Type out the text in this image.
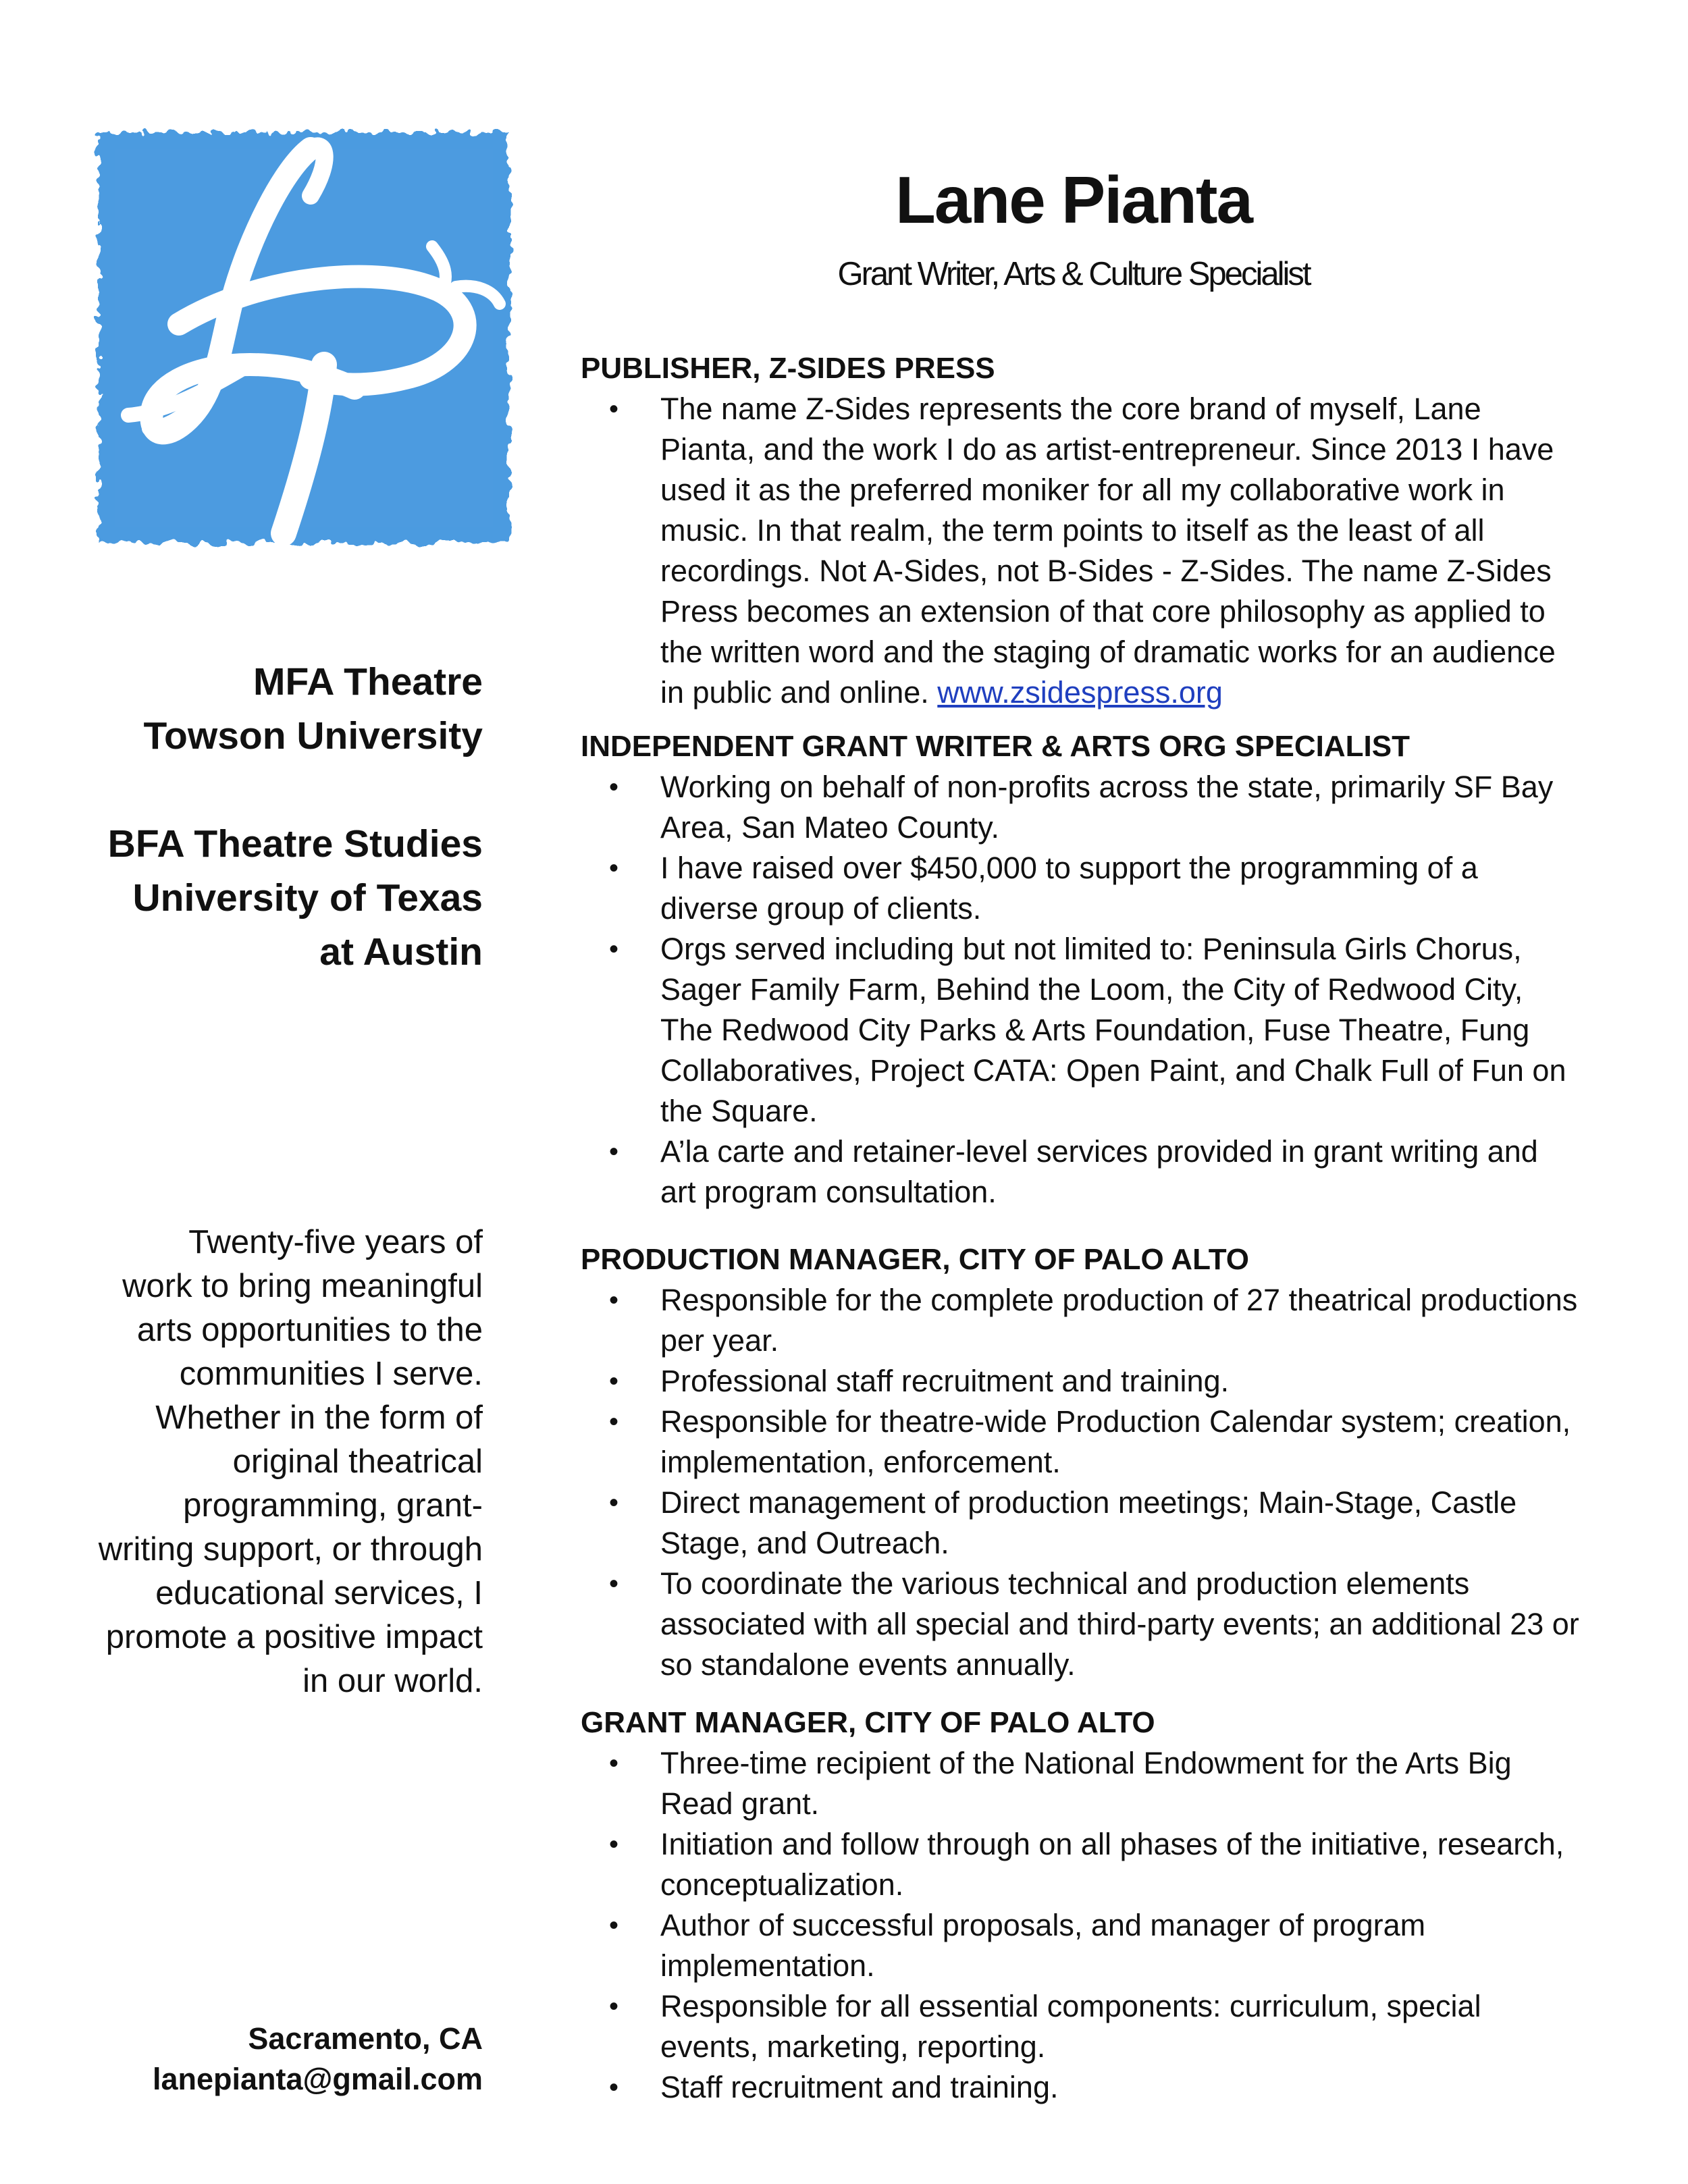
Lane Pianta
Grant Writer, Arts & Culture Specialist
MFA Theatre
Towson University
BFA Theatre Studies
University of Texas
at Austin
Twenty-five years of
work to bring meaningful
arts opportunities to the
communities I serve.
Whether in the form of
original theatrical
programming, grant-
writing support, or through
educational services, I
promote a positive impact
in our world.
Sacramento, CA
lanepianta@gmail.com
PUBLISHER, Z-SIDES PRESS
• The name Z-Sides represents the core brand of myself, Lane Pianta, and the work I do as artist-entrepreneur. Since 2013 I have used it as the preferred moniker for all my collaborative work in music. In that realm, the term points to itself as the least of all recordings. Not A-Sides, not B-Sides - Z-Sides. The name Z-Sides Press becomes an extension of that core philosophy as applied to the written word and the staging of dramatic works for an audience in public and online. www.zsidespress.org
INDEPENDENT GRANT WRITER & ARTS ORG SPECIALIST
• Working on behalf of non-profits across the state, primarily SF Bay Area, San Mateo County.
• I have raised over $450,000 to support the programming of a diverse group of clients.
• Orgs served including but not limited to: Peninsula Girls Chorus, Sager Family Farm, Behind the Loom, the City of Redwood City, The Redwood City Parks & Arts Foundation, Fuse Theatre, Fung Collaboratives, Project CATA: Open Paint, and Chalk Full of Fun on the Square.
• A’la carte and retainer-level services provided in grant writing and art program consultation.
PRODUCTION MANAGER, CITY OF PALO ALTO
• Responsible for the complete production of 27 theatrical productions per year.
• Professional staff recruitment and training.
• Responsible for theatre-wide Production Calendar system; creation, implementation, enforcement.
• Direct management of production meetings; Main-Stage, Castle Stage, and Outreach.
• To coordinate the various technical and production elements associated with all special and third-party events; an additional 23 or so standalone events annually.
GRANT MANAGER, CITY OF PALO ALTO
• Three-time recipient of the National Endowment for the Arts Big Read grant.
• Initiation and follow through on all phases of the initiative, research, conceptualization.
• Author of successful proposals, and manager of program implementation.
• Responsible for all essential components: curriculum, special events, marketing, reporting.
• Staff recruitment and training.
